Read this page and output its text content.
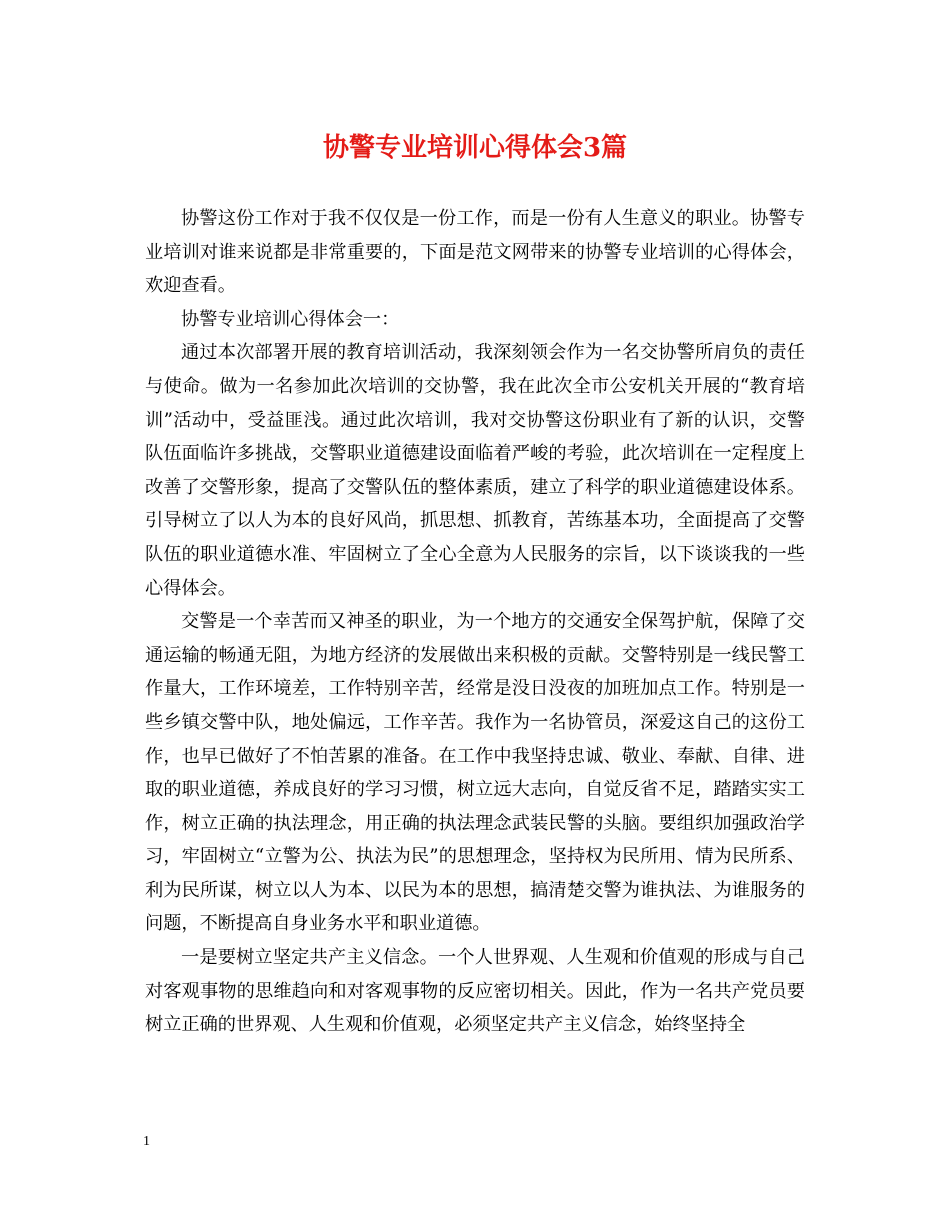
协警专业培训心得体会3篇

协警这份工作对于我不仅仅是一份工作，而是一份有人生意义的职业。协警专业培训对谁来说都是非常重要的，下面是范文网带来的协警专业培训的心得体会，欢迎查看。

协警专业培训心得体会一：

通过本次部署开展的教育培训活动，我深刻领会作为一名交协警所肩负的责任与使命。做为一名参加此次培训的交协警，我在此次全市公安机关开展的“教育培训”活动中，受益匪浅。通过此次培训，我对交协警这份职业有了新的认识，交警队伍面临许多挑战，交警职业道德建设面临着严峻的考验，此次培训在一定程度上改善了交警形象，提高了交警队伍的整体素质，建立了科学的职业道德建设体系。引导树立了以人为本的良好风尚，抓思想、抓教育，苦练基本功，全面提高了交警队伍的职业道德水准、牢固树立了全心全意为人民服务的宗旨，以下谈谈我的一些心得体会。

交警是一个幸苦而又神圣的职业，为一个地方的交通安全保驾护航，保障了交通运输的畅通无阻，为地方经济的发展做出来积极的贡献。交警特别是一线民警工作量大，工作环境差，工作特别辛苦，经常是没日没夜的加班加点工作。特别是一些乡镇交警中队，地处偏远，工作辛苦。我作为一名协管员，深爱这自己的这份工作，也早已做好了不怕苦累的准备。在工作中我坚持忠诚、敬业、奉献、自律、进取的职业道德，养成良好的学习习惯，树立远大志向，自觉反省不足，踏踏实实工作，树立正确的执法理念，用正确的执法理念武装民警的头脑。要组织加强政治学习，牢固树立“立警为公、执法为民”的思想理念，坚持权为民所用、情为民所系、利为民所谋，树立以人为本、以民为本的思想，搞清楚交警为谁执法、为谁服务的问题，不断提高自身业务水平和职业道德。

一是要树立坚定共产主义信念。一个人世界观、人生观和价值观的形成与自己对客观事物的思维趋向和对客观事物的反应密切相关。因此，作为一名共产党员要树立正确的世界观、人生观和价值观，必须坚定共产主义信念，始终坚持全

1
